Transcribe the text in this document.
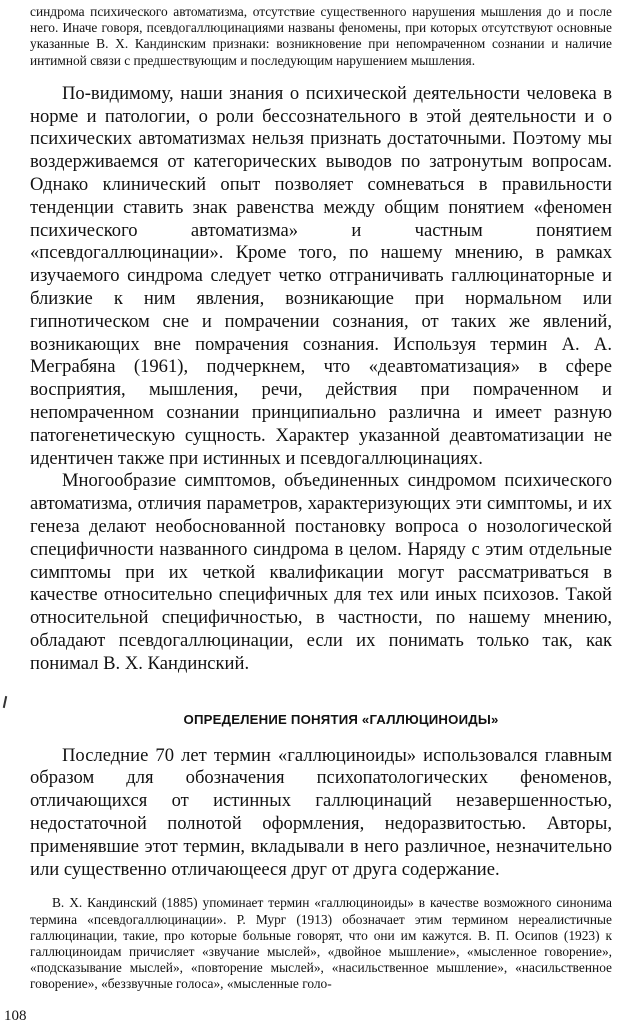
синдрома психического автоматизма, отсутствие существенного нарушения мышления до и после него. Иначе говоря, псевдогаллюцинациями названы феномены, при которых отсутствуют основные указанные В. Х. Кандинским признаки: возникновение при непомраченном сознании и наличие интимной связи с предшествующим и последующим нарушением мышления.

По-видимому, наши знания о психической деятельности человека в норме и патологии, о роли бессознательного в этой деятельности и о психических автоматизмах нельзя признать достаточными. Поэтому мы воздерживаемся от категорических выводов по затронутым вопросам. Однако клинический опыт позволяет сомневаться в правильности тенденции ставить знак равенства между общим понятием «феномен психического автоматизма» и частным понятием «псевдогаллюцинации». Кроме того, по нашему мнению, в рамках изучаемого синдрома следует четко отграничивать галлюцинаторные и близкие к ним явления, возникающие при нормальном или гипнотическом сне и помрачении сознания, от таких же явлений, возникающих вне помрачения сознания. Используя термин А. А. Меграбяна (1961), подчеркнем, что «деавтоматизация» в сфере восприятия, мышления, речи, действия при помраченном и непомраченном сознании принципиально различна и имеет разную патогенетическую сущность. Характер указанной деавтоматизации не идентичен также при истинных и псевдогаллюцинациях.

Многообразие симптомов, объединенных синдромом психического автоматизма, отличия параметров, характеризующих эти симптомы, и их генеза делают необоснованной постановку вопроса о нозологической специфичности названного синдрома в целом. Наряду с этим отдельные симптомы при их четкой квалификации могут рассматриваться в качестве относительно специфичных для тех или иных психозов. Такой относительной специфичностью, в частности, по нашему мнению, обладают псевдогаллюцинации, если их понимать только так, как понимал В. Х. Кандинский.

ОПРЕДЕЛЕНИЕ ПОНЯТИЯ «ГАЛЛЮЦИНОИДЫ»

Последние 70 лет термин «галлюциноиды» использовался главным образом для обозначения психопатологических феноменов, отличающихся от истинных галлюцинаций незавершенностью, недостаточной полнотой оформления, недоразвитостью. Авторы, применявшие этот термин, вкладывали в него различное, незначительно или существенно отличающееся друг от друга содержание.

В. Х. Кандинский (1885) упоминает термин «галлюциноиды» в качестве возможного синонима термина «псевдогаллюцинации». Р. Мург (1913) обозначает этим термином нереалистичные галлюцинации, такие, про которые больные говорят, что они им кажутся. В. П. Осипов (1923) к галлюциноидам причисляет «звучание мыслей», «двойное мышление», «мысленное говорение», «подсказывание мыслей», «повторение мыслей», «насильственное мышление», «насильственное говорение», «беззвучные голоса», «мысленные голо-

108
